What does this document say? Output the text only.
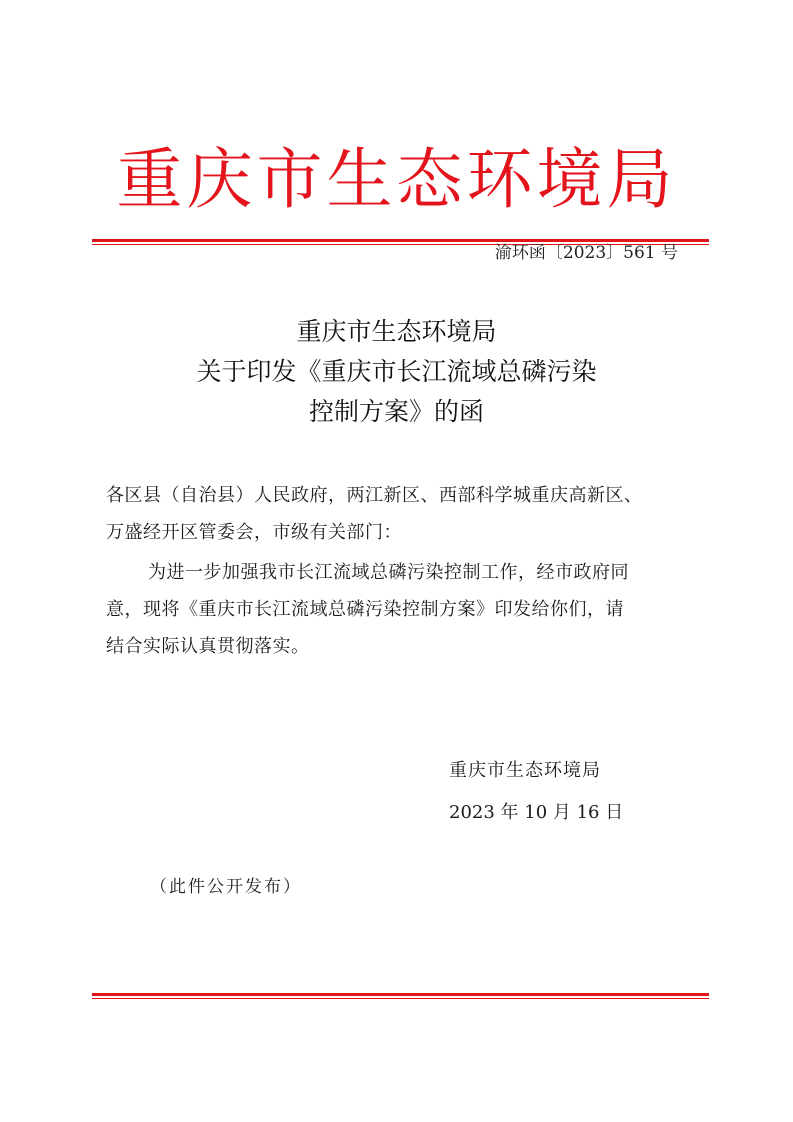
重庆市生态环境局
渝环函〔2023〕561 号
重庆市生态环境局
关于印发《重庆市长江流域总磷污染
控制方案》的函
各区县（自治县）人民政府，两江新区、西部科学城重庆高新区、
万盛经开区管委会，市级有关部门：
为进一步加强我市长江流域总磷污染控制工作，经市政府同
意，现将《重庆市长江流域总磷污染控制方案》印发给你们，请
结合实际认真贯彻落实。
重庆市生态环境局
2023 年 10 月 16 日
（此件公开发布）
